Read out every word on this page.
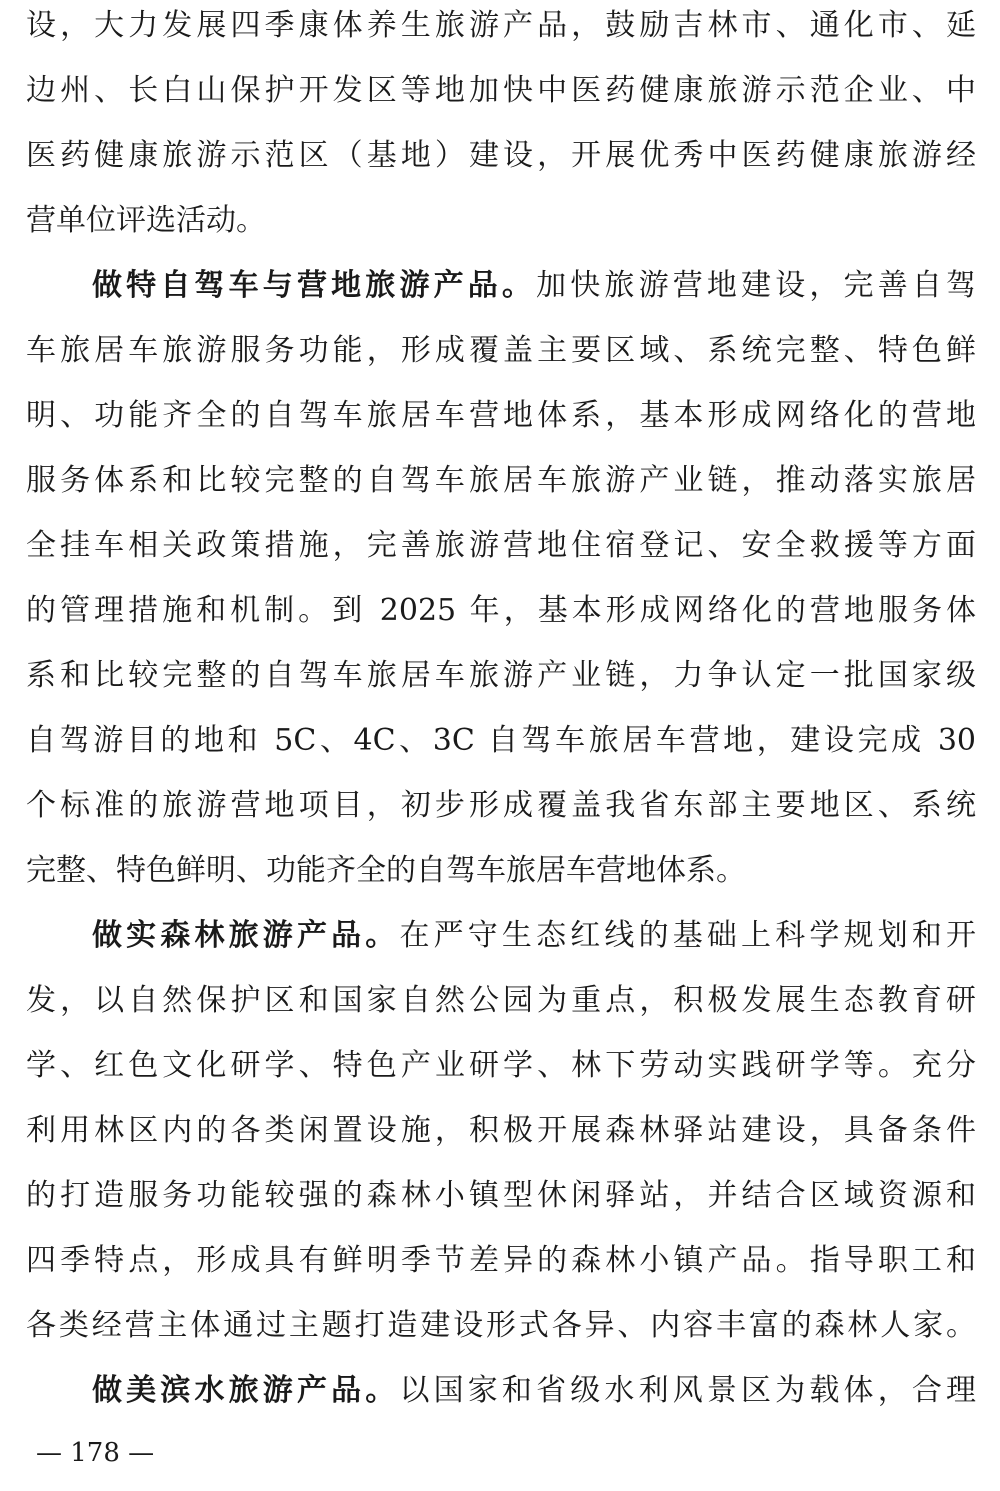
设，大力发展四季康体养生旅游产品，鼓励吉林市、通化市、延
边州、长白山保护开发区等地加快中医药健康旅游示范企业、中
医药健康旅游示范区（基地）建设，开展优秀中医药健康旅游经
营单位评选活动。
做特自驾车与营地旅游产品。加快旅游营地建设，完善自驾
车旅居车旅游服务功能，形成覆盖主要区域、系统完整、特色鲜
明、功能齐全的自驾车旅居车营地体系，基本形成网络化的营地
服务体系和比较完整的自驾车旅居车旅游产业链，推动落实旅居
全挂车相关政策措施，完善旅游营地住宿登记、安全救援等方面
的管理措施和机制。到 2025 年，基本形成网络化的营地服务体
系和比较完整的自驾车旅居车旅游产业链，力争认定一批国家级
自驾游目的地和 5C、4C、3C 自驾车旅居车营地，建设完成 30
个标准的旅游营地项目，初步形成覆盖我省东部主要地区、系统
完整、特色鲜明、功能齐全的自驾车旅居车营地体系。
做实森林旅游产品。在严守生态红线的基础上科学规划和开
发，以自然保护区和国家自然公园为重点，积极发展生态教育研
学、红色文化研学、特色产业研学、林下劳动实践研学等。充分
利用林区内的各类闲置设施，积极开展森林驿站建设，具备条件
的打造服务功能较强的森林小镇型休闲驿站，并结合区域资源和
四季特点，形成具有鲜明季节差异的森林小镇产品。指导职工和
各类经营主体通过主题打造建设形式各异、内容丰富的森林人家。
做美滨水旅游产品。以国家和省级水利风景区为载体，合理
— 178 —
